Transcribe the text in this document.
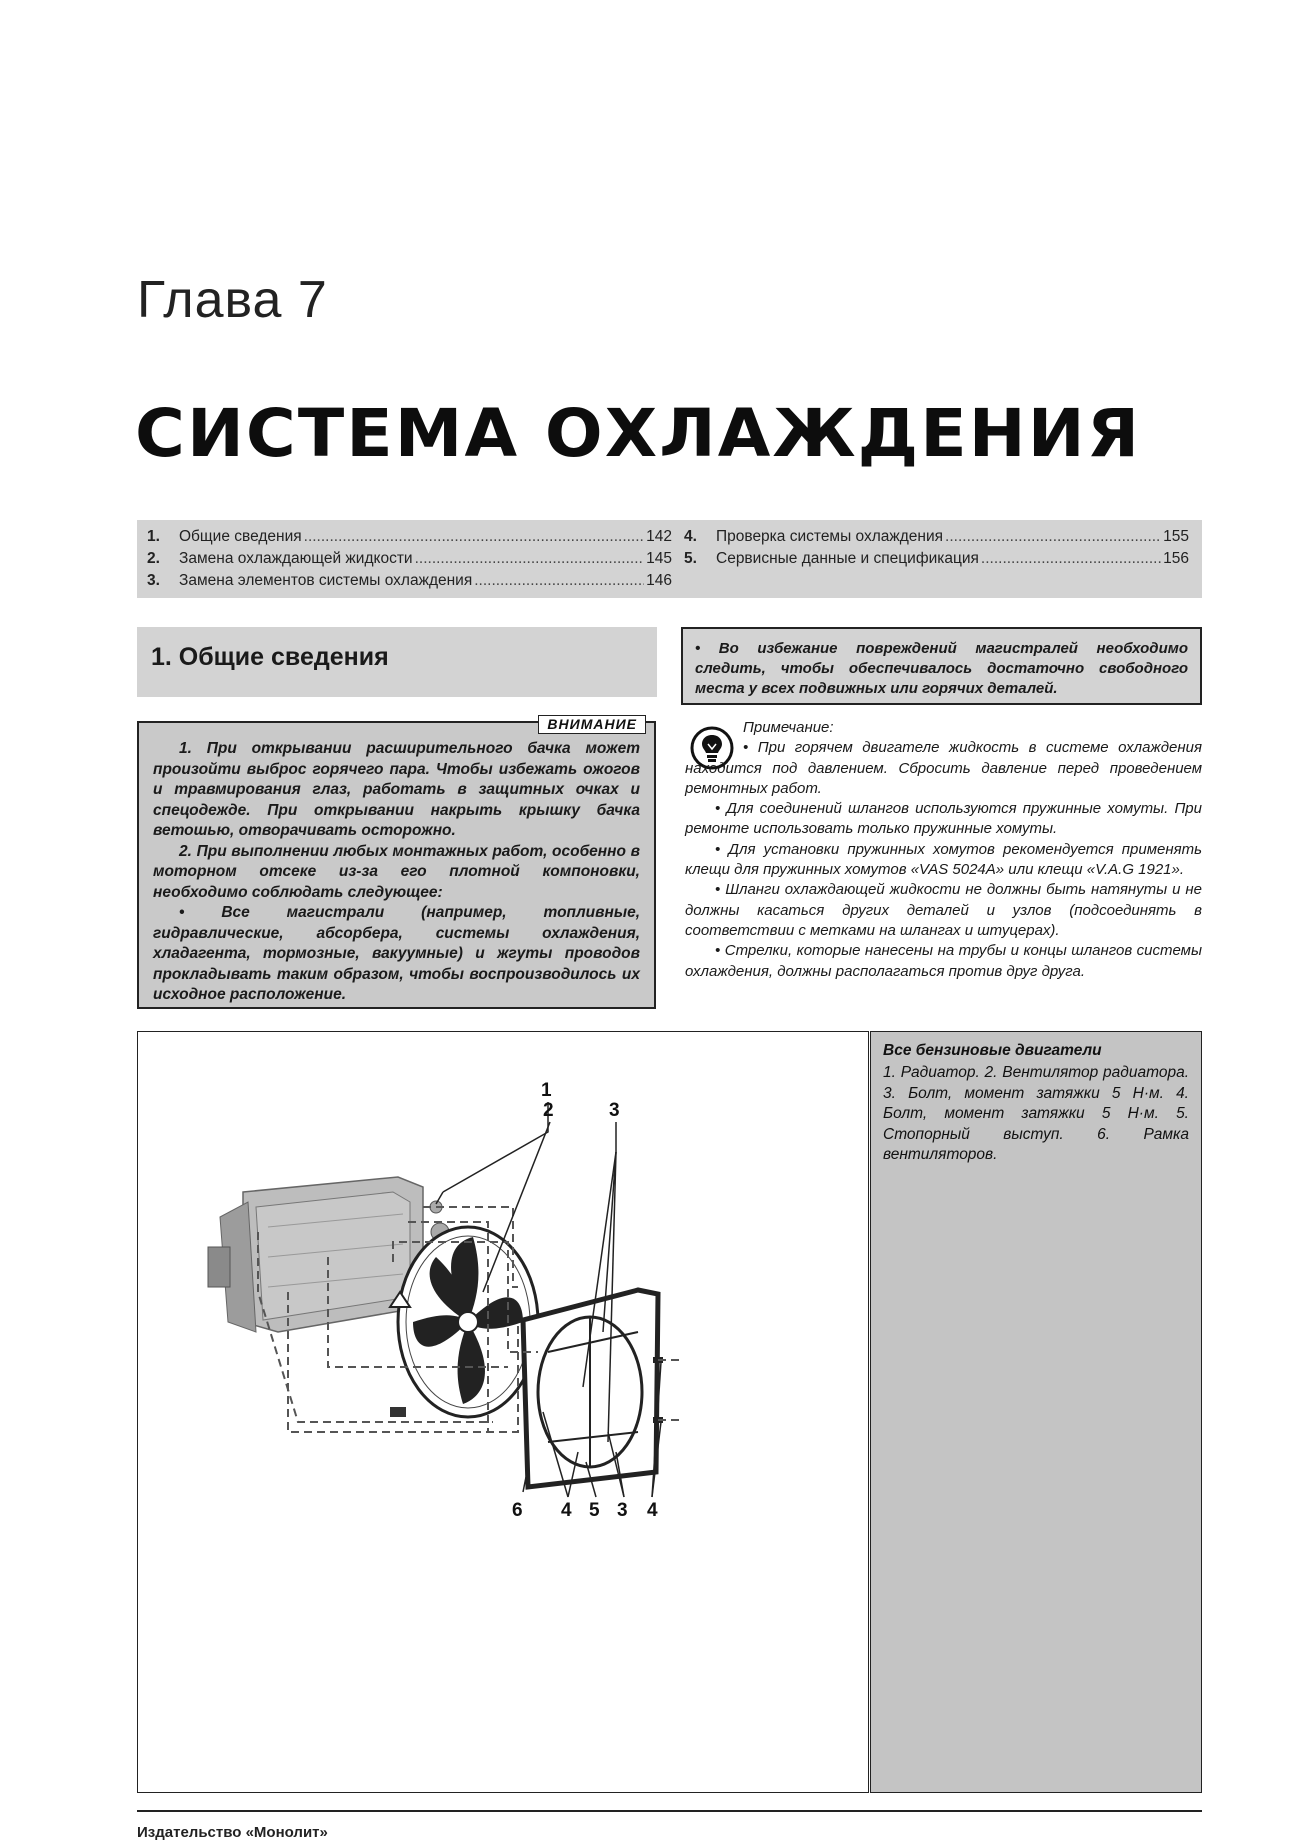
Глава 7
СИСТЕМА ОХЛАЖДЕНИЯ
1.	Общие сведения .....	142
2.	Замена охлаждающей жидкости .....	145
3.	Замена элементов системы охлаждения .....	146
4.	Проверка системы охлаждения .....	155
5.	Сервисные данные и спецификация .....	156
1. Общие сведения	• Во избежание повреждений магистралей необходимо следить, чтобы обеспечивалось достаточно свободного места у всех подвижных или горячих деталей.
ВНИМАНИЕ

1. При открывании расширительного бачка может произойти выброс горячего пара. Чтобы избежать ожогов и травмирования глаз, работать в защитных очках и спецодежде. При открывании накрыть крышку бачка ветошью, отворачивать осторожно.

2. При выполнении любых монтажных работ, особенно в моторном отсеке из-за его плотной компоновки, необходимо соблюдать следующее:

• Все магистрали (например, топливные, гидравлические, абсорбера, системы охлаждения, хладагента, тормозные, вакуумные) и жгуты проводов прокладывать таким образом, чтобы воспроизводилось их исходное расположение.

Примечание:

• При горячем двигателе жидкость в системе охлаждения находится под давлением. Сбросить давление перед проведением ремонтных работ.

• Для соединений шлангов используются пружинные хомуты. При ремонте использовать только пружинные хомуты.

• Для установки пружинных хомутов рекомендуется применять клещи для пружинных хомутов «VAS 5024A» или клещи «V.A.G 1921».

• Шланги охлаждающей жидкости не должны быть натянуты и не должны касаться других деталей и узлов (подсоединять в соответствии с метками на шлангах и штуцерах).

• Стрелки, которые нанесены на трубы и концы шлангов системы охлаждения, должны располагаться против друг друга.

1
2	3
6 4 5 3 4
Все бензиновые двигатели
1. Радиатор. 2. Вентилятор радиатора. 3. Болт, момент затяжки 5 Н·м. 4. Болт, момент затяжки 5 Н·м. 5. Стопорный выступ. 6. Рамка вентиляторов.
Издательство «Монолит»
